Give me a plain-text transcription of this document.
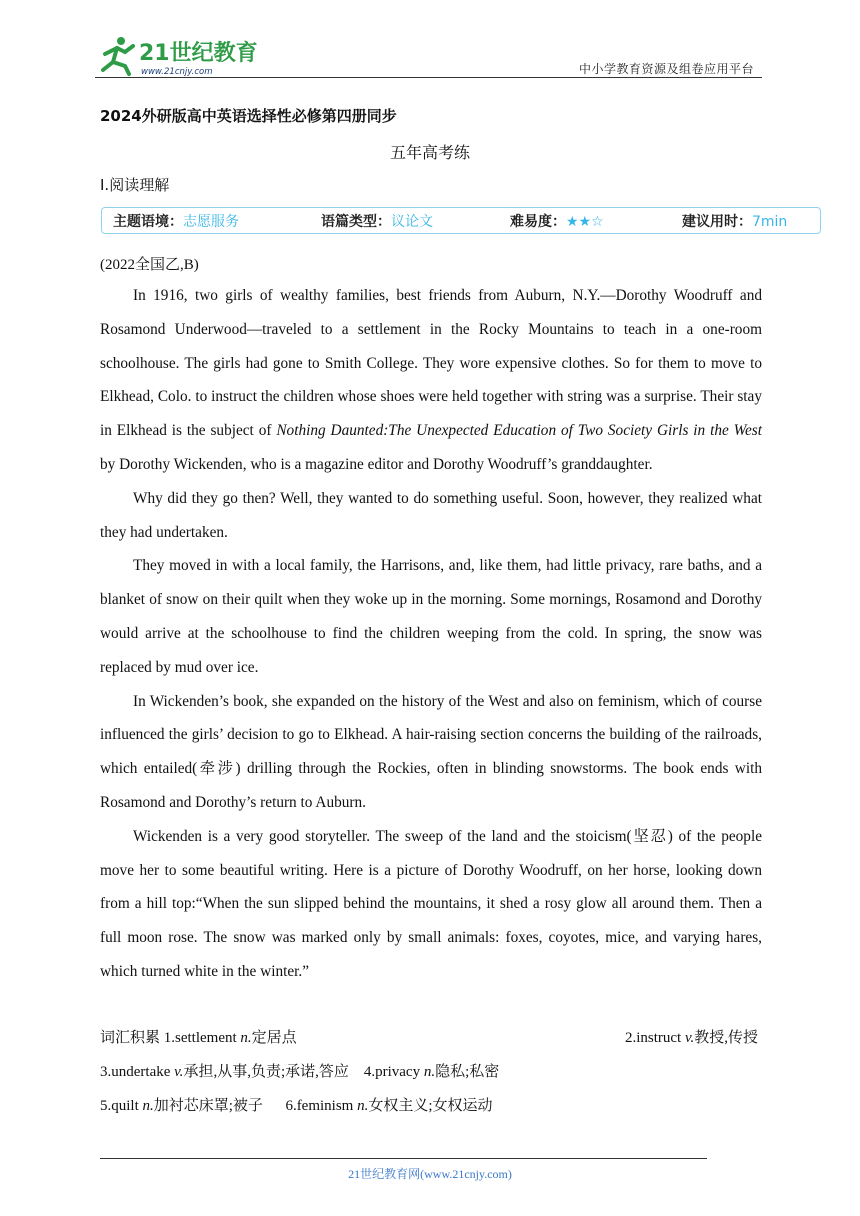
21世纪教育
www.21cnjy.com	中小学教育资源及组卷应用平台
2024外研版高中英语选择性必修第四册同步
五年高考练
Ⅰ.阅读理解
主题语境：志愿服务	语篇类型：议论文	难易度：★★☆	建议用时：7min
(2022全国乙,B)

In 1916, two girls of wealthy families, best friends from Auburn, N.Y.—Dorothy Woodruff and Rosamond Underwood—traveled to a settlement in the Rocky Mountains to teach in a one-room schoolhouse. The girls had gone to Smith College. They wore expensive clothes. So for them to move to Elkhead, Colo. to instruct the children whose shoes were held together with string was a surprise. Their stay in Elkhead is the subject of Nothing Daunted:The Unexpected Education of Two Society Girls in the West by Dorothy Wickenden, who is a magazine editor and Dorothy Woodruff’s granddaughter.

Why did they go then? Well, they wanted to do something useful. Soon, however, they realized what they had undertaken.

They moved in with a local family, the Harrisons, and, like them, had little privacy, rare baths, and a blanket of snow on their quilt when they woke up in the morning. Some mornings, Rosamond and Dorothy would arrive at the schoolhouse to find the children weeping from the cold. In spring, the snow was replaced by mud over ice.

In Wickenden’s book, she expanded on the history of the West and also on feminism, which of course influenced the girls’ decision to go to Elkhead. A hair-raising section concerns the building of the railroads, which entailed(牵涉) drilling through the Rockies, often in blinding snowstorms. The book ends with Rosamond and Dorothy’s return to Auburn.

Wickenden is a very good storyteller. The sweep of the land and the stoicism(坚忍) of the people move her to some beautiful writing. Here is a picture of Dorothy Woodruff, on her horse, looking down from a hill top:“When the sun slipped behind the mountains, it shed a rosy glow all around them. Then a full moon rose. The snow was marked only by small animals: foxes, coyotes, mice, and varying hares, which turned white in the winter.”

词汇积累 1.settlement n.定居点	2.instruct v.教授,传授
3.undertake v.承担,从事,负责;承诺,答应 4.privacy n.隐私;私密
5.quilt n.加衬芯床罩;被子 6.feminism n.女权主义;女权运动
21世纪教育网(www.21cnjy.com)
